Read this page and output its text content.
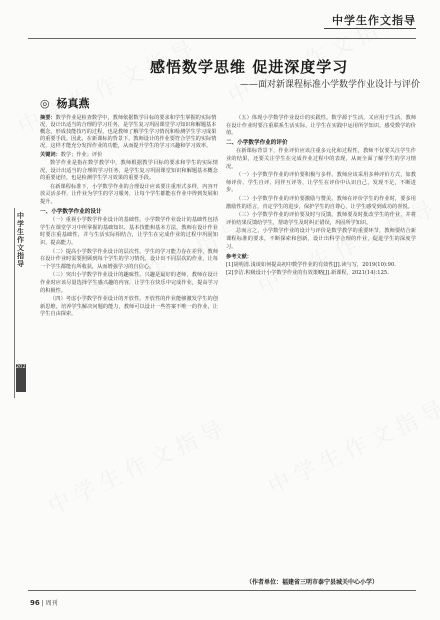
中学生作文指导
感悟数学思维 促进深度学习
——面对新课程标准小学数学作业设计与评价
◎ 杨真燕
摘要：数学作业是检查数学中，教师依据数学目标的要求和学生掌握的实际情况，设计出适当的合理的学习任务，是学生复习巩固课堂学习知识和解题基本概念，形成技能技巧的过程，也是教师了解学生学习情况和检测学生学习成果的重要手段。因此，在新课标的背景下，教师设计的作业要符合学生的实际情况，这样才能充分发挥作业的功能，从而提升学生的学习兴趣和学习效率。
关键词：数学；作业；评价
中学生作文指导
2022

数学作业是指在数学教学中，教师根据教学目标的要求和学生的实际情况，设计出适当的合理的学习任务，是学生复习巩固课堂知识和解题基本概念的重要途径，也是检测学生学习效果的重要手段。

在新课程标准下，小学数学作业的合理设计应该要注重形式多样，内容开放灵活多样，让作业为学生的学习服务，让每个学生都能在作业中得到发展和提升。

一、小学数学作业的设计

（一）重视小学数学作业设计的基础性。小学数学作业设计的基础性包括学生在课堂学习中所掌握的基础知识、基本技能和基本方法，教师在设计作业时要注重基础性，并与生活实际相结合，让学生在完成作业的过程中巩固知识，提高能力。

（二）提高小学数学作业设计的层次性。学生的学习能力存在差异，教师在设计作业时需要照顾到每个学生的学习情况，设计出不同层次的作业，让每一个学生都能有所收获，从而增强学习的自信心。

（三）突出小学数学作业设计的趣味性。兴趣是最好的老师，教师在设计作业时应该尽量选择学生感兴趣的内容，让学生在快乐中完成作业，提高学习的积极性。

（四）考虑小学数学作业设计的开放性。开放性的作业能够激发学生的创新思维，培养学生解决问题的能力，教师可以设计一些答案不唯一的作业，让学生自由探索。

（五）体现小学数学作业设计的实践性。数学源于生活，又应用于生活，教师在设计作业时要注重联系生活实际，让学生在实践中运用所学知识，感受数学的价值。

二、小学数学作业的评价

在新课标背景下，作业评价应该注重多元化和过程性，教师不仅要关注学生作业的结果，还要关注学生在完成作业过程中的表现，从而全面了解学生的学习情况。

（一）小学数学作业的评价要积极与多样。教师应该采用多种评价方式，如教师评价、学生自评、同伴互评等，让学生在评价中认识自己，发现不足，不断进步。

（二）小学数学作业的评价要激励与赞美。教师在评价学生的作业时，要多用激励性的语言，肯定学生的进步，保护学生的自尊心，让学生感受到成功的喜悦。

（三）小学数学作业的评价要及时与反馈。教师要及时批改学生的作业，并将评价结果反馈给学生，帮助学生及时纠正错误，巩固所学知识。

总而言之，小学数学作业的设计与评价是数学教学的重要环节，教师要结合新课程标准的要求，不断探索和创新，设计出科学合理的作业，促进学生的深度学习。

参考文献：

[1]胡明清.浅谈如何提高初中数学作业的有效性[J].读与写，2019(10):90.

[2]李洁.积极设计小学数学作业的有效策略[J].新课程，2021(14):125.

（作者单位：福建省三明市泰宁县城关中心小学）
96 | 周刊
